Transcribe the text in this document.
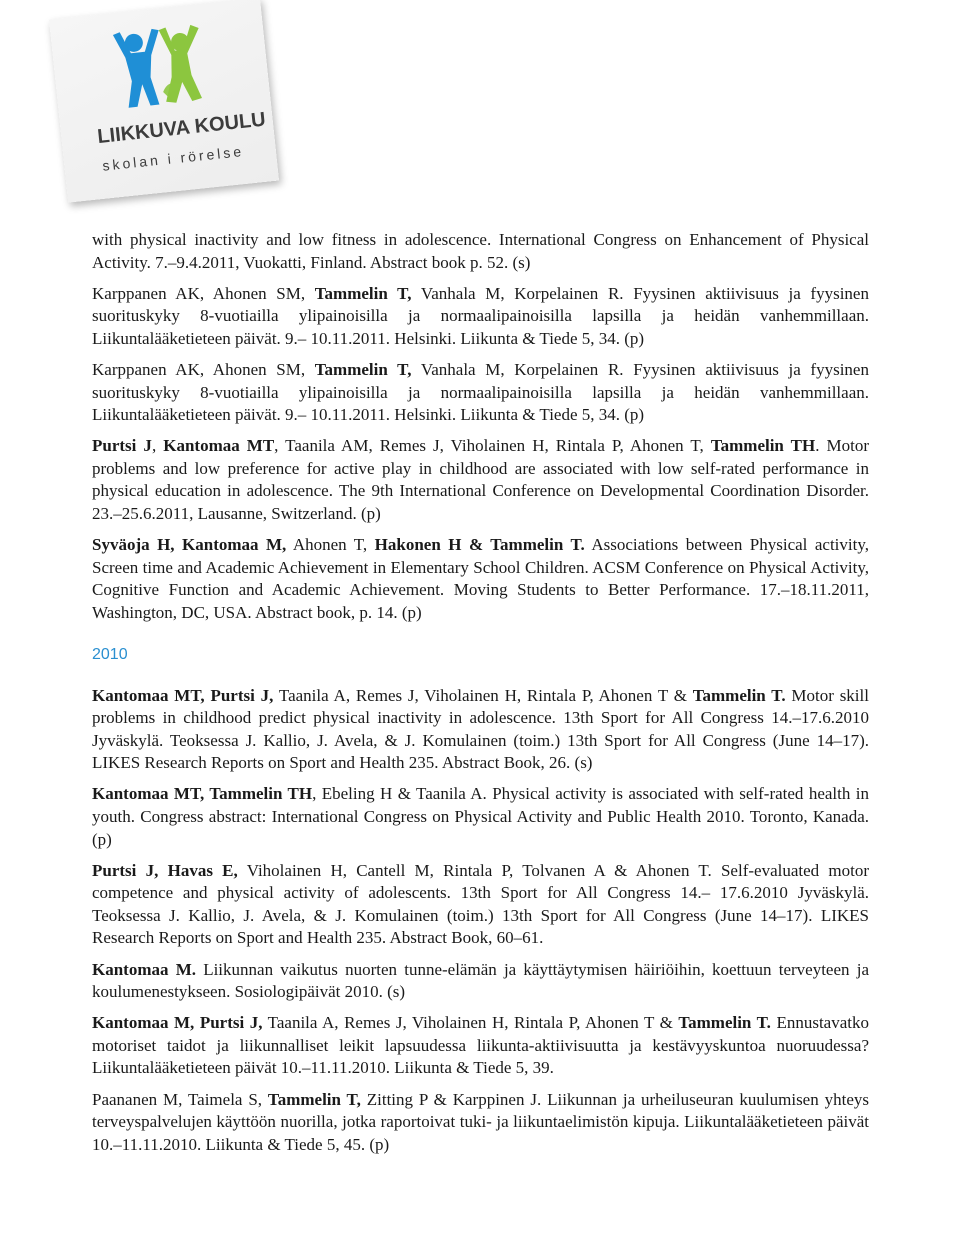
LIIKKUVA KOULU
skolan i rörelse

with physical inactivity and low fitness in adolescence. International Congress on Enhancement of Physical Activity. 7.–9.4.2011, Vuokatti, Finland. Abstract book p. 52. (s)

Karppanen AK, Ahonen SM, Tammelin T, Vanhala M, Korpelainen R. Fyysinen aktiivisuus ja fyysinen suorituskyky 8-vuotiailla ylipainoisilla ja normaalipainoisilla lapsilla ja heidän vanhemmillaan. Liikuntalääketieteen päivät. 9.– 10.11.2011. Helsinki. Liikunta & Tiede 5, 34. (p)

Karppanen AK, Ahonen SM, Tammelin T, Vanhala M, Korpelainen R. Fyysinen aktiivisuus ja fyysinen suorituskyky 8-vuotiailla ylipainoisilla ja normaalipainoisilla lapsilla ja heidän vanhemmillaan. Liikuntalääketieteen päivät. 9.– 10.11.2011. Helsinki. Liikunta & Tiede 5, 34. (p)

Purtsi J, Kantomaa MT, Taanila AM, Remes J, Viholainen H, Rintala P, Ahonen T, Tammelin TH. Motor problems and low preference for active play in childhood are associated with low self-rated performance in physical education in adolescence. The 9th International Conference on Developmental Coordination Disorder. 23.–25.6.2011, Lausanne, Switzerland. (p)

Syväoja H, Kantomaa M, Ahonen T, Hakonen H & Tammelin T. Associations between Physical activity, Screen time and Academic Achievement in Elementary School Children. ACSM Conference on Physical Activity, Cognitive Function and Academic Achievement. Moving Students to Better Performance. 17.–18.11.2011, Washington, DC, USA. Abstract book, p. 14. (p)

2010

Kantomaa MT, Purtsi J, Taanila A, Remes J, Viholainen H, Rintala P, Ahonen T & Tammelin T. Motor skill problems in childhood predict physical inactivity in adolescence. 13th Sport for All Congress 14.–17.6.2010 Jyväskylä. Teoksessa J. Kallio, J. Avela, & J. Komulainen (toim.) 13th Sport for All Congress (June 14–17). LIKES Research Reports on Sport and Health 235. Abstract Book, 26. (s)

Kantomaa MT, Tammelin TH, Ebeling H & Taanila A. Physical activity is associated with self-rated health in youth. Congress abstract: International Congress on Physical Activity and Public Health 2010. Toronto, Kanada. (p)

Purtsi J, Havas E, Viholainen H, Cantell M, Rintala P, Tolvanen A & Ahonen T. Self-evaluated motor competence and physical activity of adolescents. 13th Sport for All Congress 14.– 17.6.2010 Jyväskylä. Teoksessa J. Kallio, J. Avela, & J. Komulainen (toim.) 13th Sport for All Congress (June 14–17). LIKES Research Reports on Sport and Health 235. Abstract Book, 60–61.

Kantomaa M. Liikunnan vaikutus nuorten tunne-elämän ja käyttäytymisen häiriöihin, koettuun terveyteen ja koulumenestykseen. Sosiologipäivät 2010. (s)

Kantomaa M, Purtsi J, Taanila A, Remes J, Viholainen H, Rintala P, Ahonen T & Tammelin T. Ennustavatko motoriset taidot ja liikunnalliset leikit lapsuudessa liikunta-aktiivisuutta ja kestävyyskuntoa nuoruudessa? Liikuntalääketieteen päivät 10.–11.11.2010. Liikunta & Tiede 5, 39.

Paananen M, Taimela S, Tammelin T, Zitting P & Karppinen J. Liikunnan ja urheiluseuran kuulumisen yhteys terveyspalvelujen käyttöön nuorilla, jotka raportoivat tuki- ja liikuntaelimistön kipuja. Liikuntalääketieteen päivät 10.–11.11.2010. Liikunta & Tiede 5, 45. (p)
